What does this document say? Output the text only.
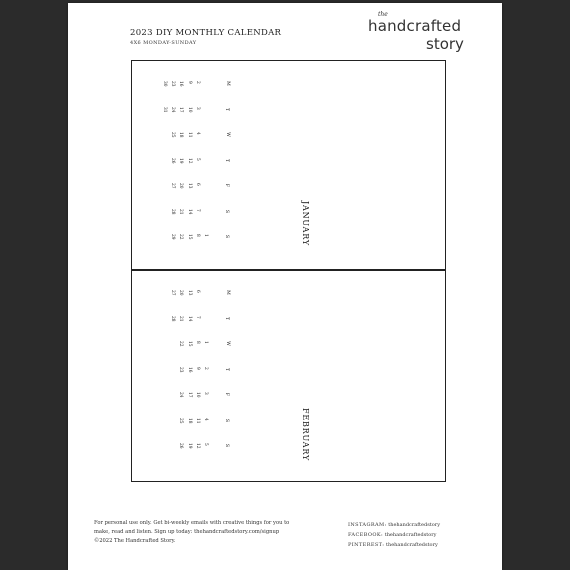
2023 DIY MONTHLY CALENDAR
4X6 MONDAY-SUNDAY
the
handcrafted
story
JANUARY
M
2
9
16
23
30
T
3
10
17
24
31
W
4
11
18
25
T
5
12
19
26
F
6
13
20
27
S
7
14
21
28
S
1
8
15
22
29
FEBRUARY
M
6
13
20
27
T
7
14
21
28
W
1
8
15
22
T
2
9
16
23
F
3
10
17
24
S
4
11
18
25
S
5
12
19
26
For personal use only. Get bi-weekly emails with creative things for you to
make, read and listen. Sign up today: thehandcraftedstory.com/signup
©2022 The Handcrafted Story.
INSTAGRAM: thehandcraftedstory
FACEBOOK: thehandcraftedstory
PINTEREST: thehandcraftedstory
